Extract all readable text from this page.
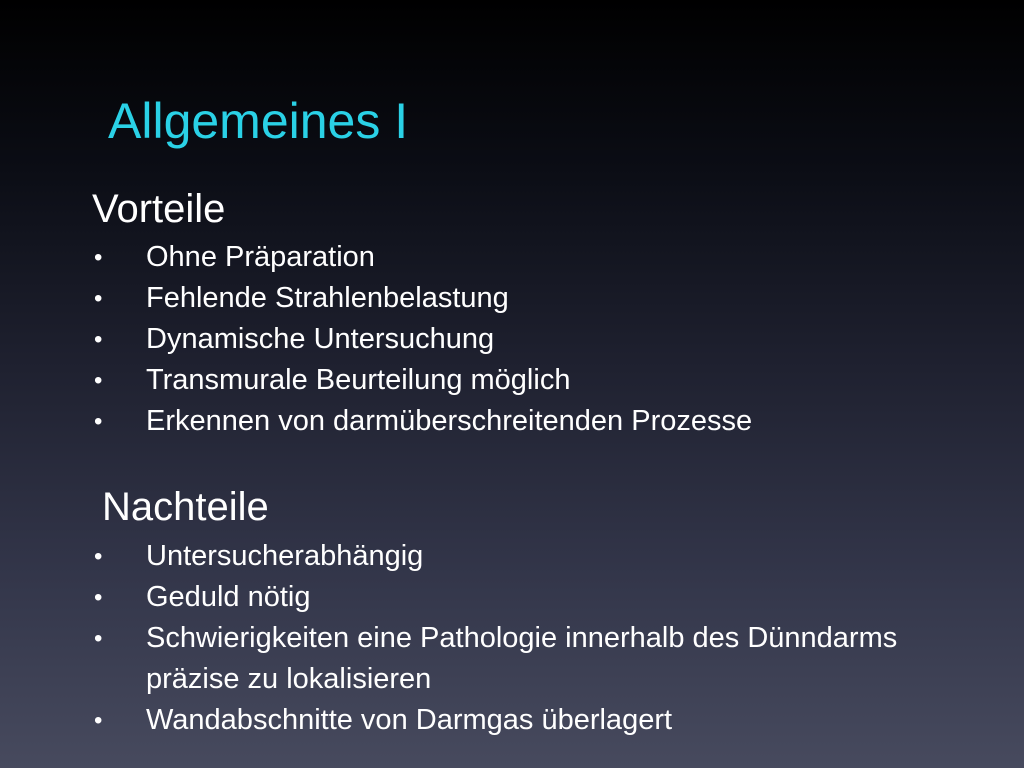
Allgemeines I
Vorteile
• Ohne Präparation
• Fehlende Strahlenbelastung
• Dynamische Untersuchung
• Transmurale Beurteilung möglich
• Erkennen von darmüberschreitenden Prozesse
Nachteile
• Untersucherabhängig
• Geduld nötig
• Schwierigkeiten eine Pathologie innerhalb des Dünndarms präzise zu lokalisieren
• Wandabschnitte von Darmgas überlagert
